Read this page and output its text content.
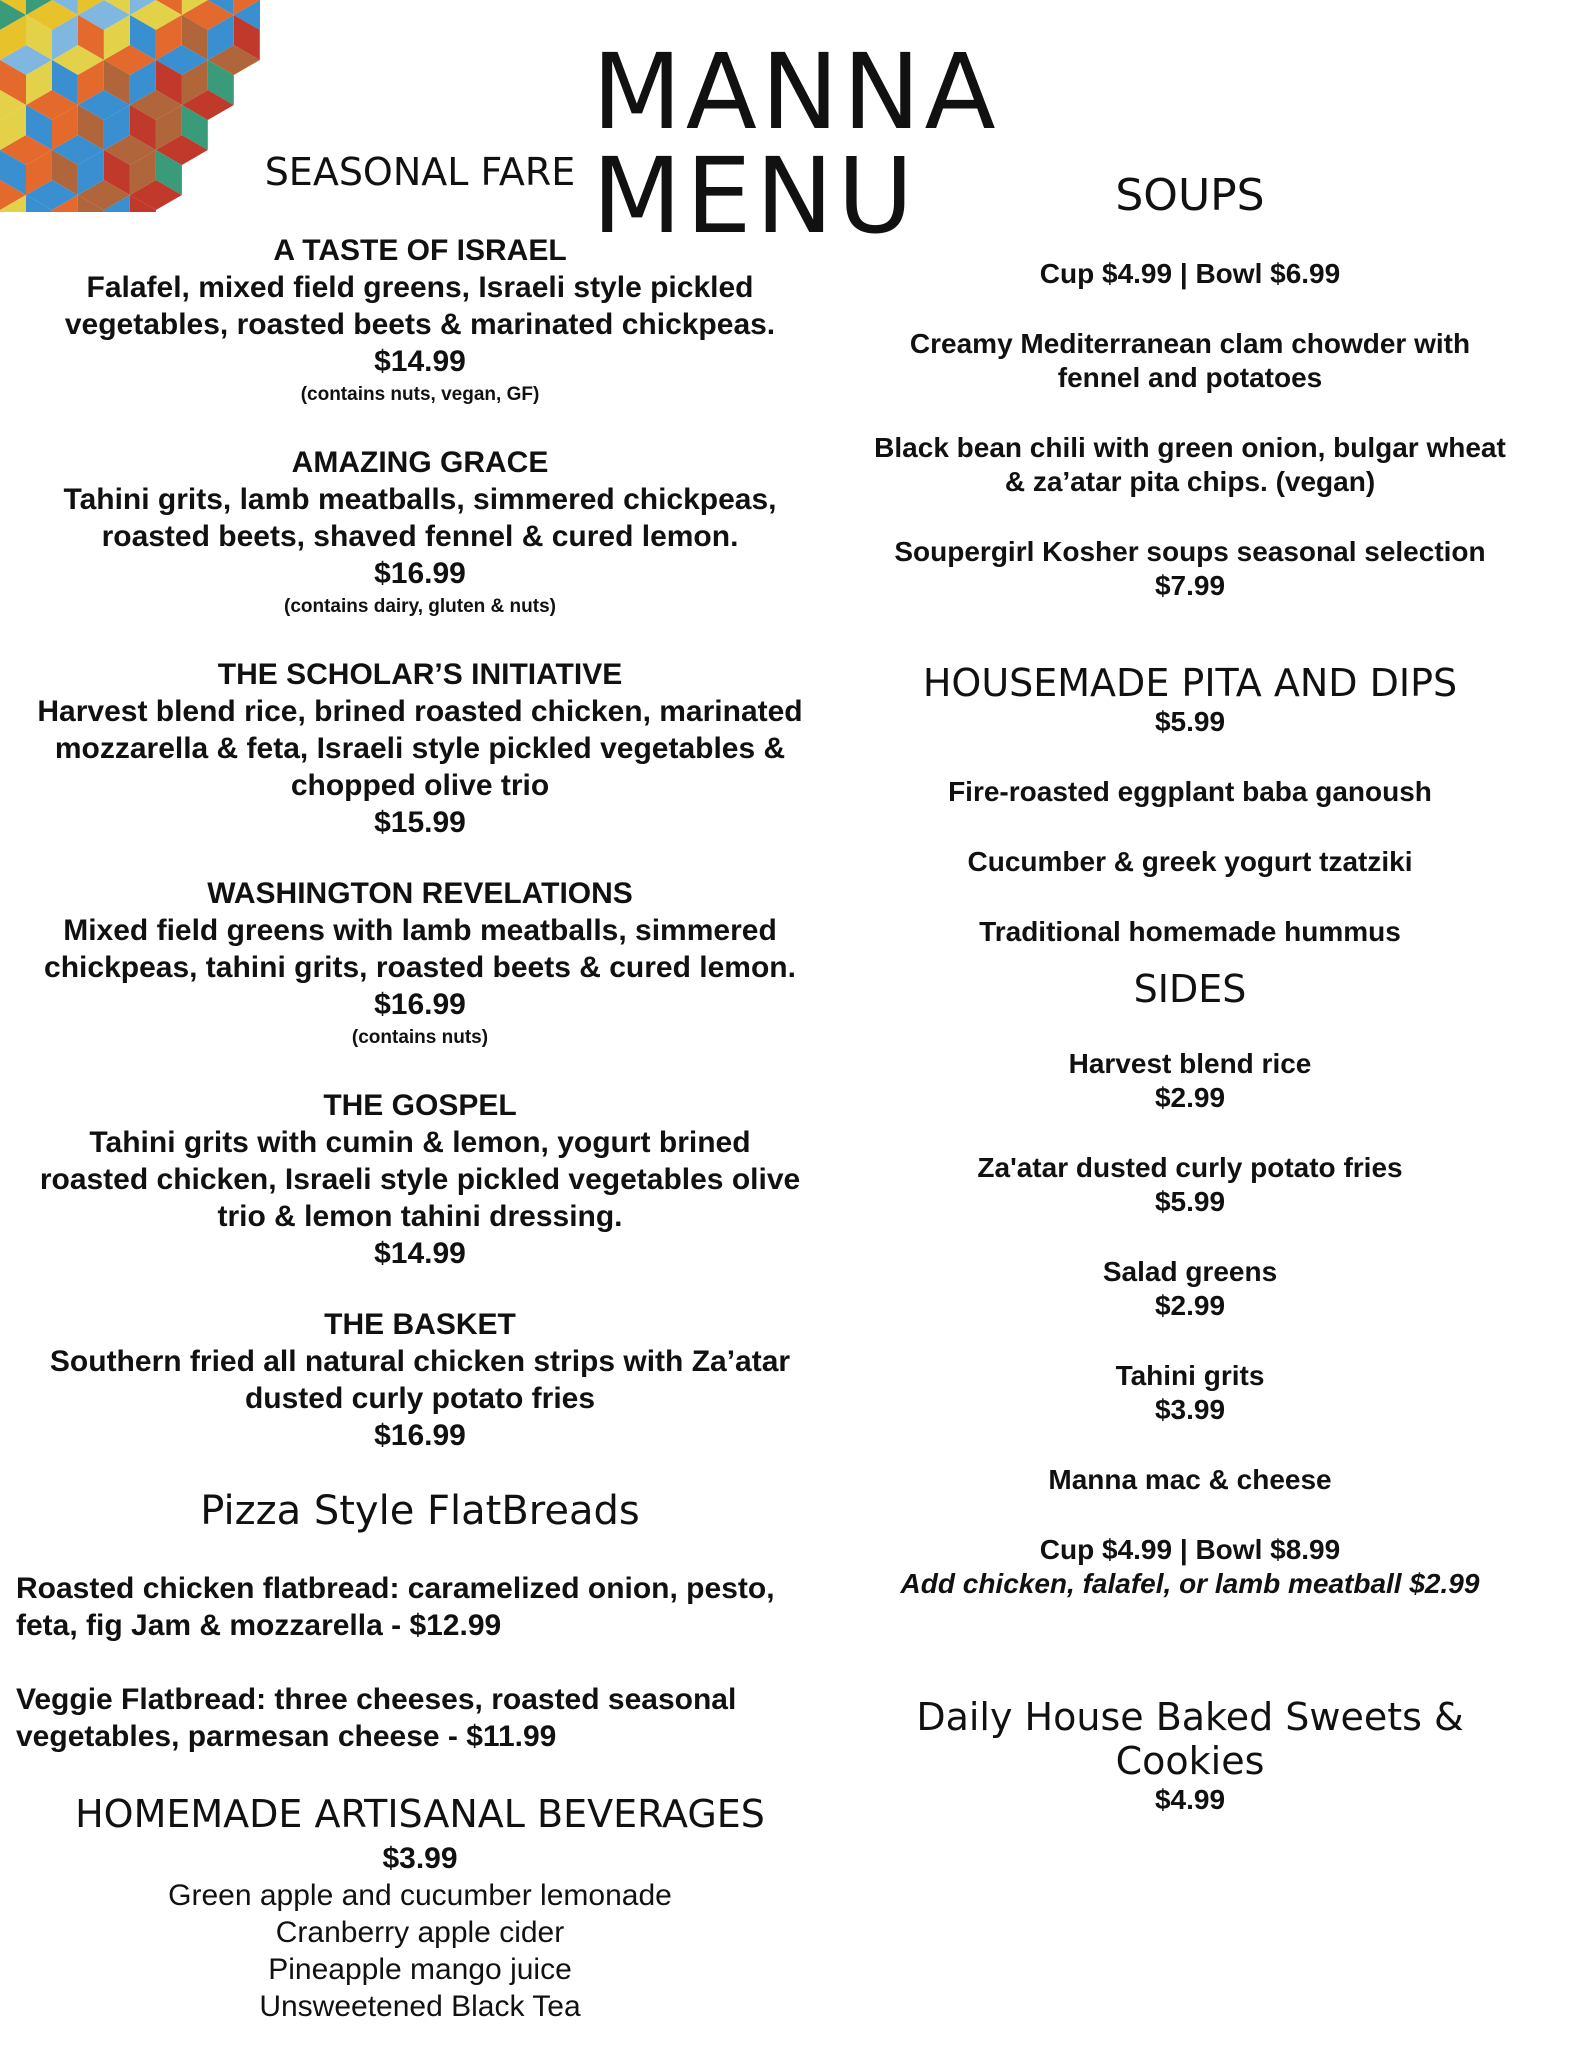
MANNA MENU
SEASONAL FARE
A TASTE OF ISRAEL
Falafel, mixed field greens, Israeli style pickled
vegetables, roasted beets & marinated chickpeas.
$14.99
(contains nuts, vegan, GF)
AMAZING GRACE
Tahini grits, lamb meatballs, simmered chickpeas,
roasted beets, shaved fennel & cured lemon.
$16.99
(contains dairy, gluten & nuts)
THE SCHOLAR’S INITIATIVE
Harvest blend rice, brined roasted chicken, marinated
mozzarella & feta, Israeli style pickled vegetables &
chopped olive trio
$15.99
WASHINGTON REVELATIONS
Mixed field greens with lamb meatballs, simmered
chickpeas, tahini grits, roasted beets & cured lemon.
$16.99
(contains nuts)
THE GOSPEL
Tahini grits with cumin & lemon, yogurt brined
roasted chicken, Israeli style pickled vegetables olive
trio & lemon tahini dressing.
$14.99
THE BASKET
Southern fried all natural chicken strips with Za’atar
dusted curly potato fries
$16.99
Pizza Style FlatBreads
Roasted chicken flatbread: caramelized onion, pesto,
feta, fig Jam & mozzarella - $12.99
Veggie Flatbread: three cheeses, roasted seasonal
vegetables, parmesan cheese - $11.99
HOMEMADE ARTISANAL BEVERAGES
$3.99
Green apple and cucumber lemonade
Cranberry apple cider
Pineapple mango juice
Unsweetened Black Tea
SOUPS
Cup $4.99 | Bowl $6.99
Creamy Mediterranean clam chowder with
fennel and potatoes
Black bean chili with green onion, bulgar wheat
& za’atar pita chips. (vegan)
Soupergirl Kosher soups seasonal selection
$7.99
HOUSEMADE PITA AND DIPS
$5.99
Fire-roasted eggplant baba ganoush
Cucumber & greek yogurt tzatziki
Traditional homemade hummus
SIDES
Harvest blend rice
$2.99
Za'atar dusted curly potato fries
$5.99
Salad greens
$2.99
Tahini grits
$3.99
Manna mac & cheese
Cup $4.99 | Bowl $8.99
Add chicken, falafel, or lamb meatball $2.99
Daily House Baked Sweets & Cookies
$4.99
